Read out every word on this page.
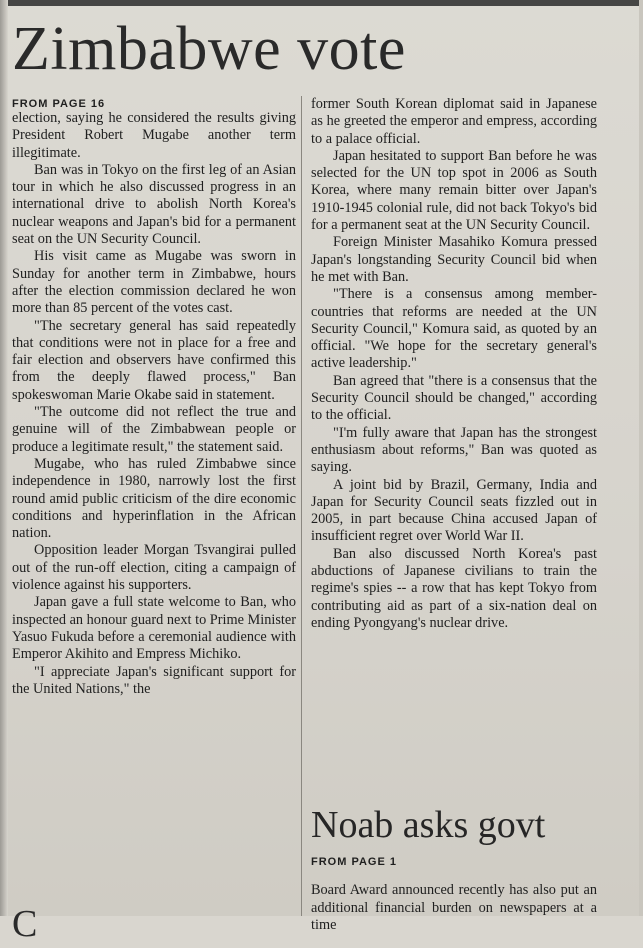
Zimbabwe vote
FROM PAGE 16

election, saying he considered the results giving President Robert Mugabe another term illegitimate.

Ban was in Tokyo on the first leg of an Asian tour in which he also discussed progress in an international drive to abolish North Korea's nuclear weapons and Japan's bid for a permanent seat on the UN Security Council.

His visit came as Mugabe was sworn in Sunday for another term in Zimbabwe, hours after the election commission declared he won more than 85 percent of the votes cast.

"The secretary general has said repeatedly that conditions were not in place for a free and fair election and observers have confirmed this from the deeply flawed process," Ban spokeswoman Marie Okabe said in statement.

"The outcome did not reflect the true and genuine will of the Zimbabwean people or produce a legitimate result," the statement said.

Mugabe, who has ruled Zimbabwe since independence in 1980, narrowly lost the first round amid public criticism of the dire economic conditions and hyperinflation in the African nation.

Opposition leader Morgan Tsvangirai pulled out of the run-off election, citing a campaign of violence against his supporters.

Japan gave a full state welcome to Ban, who inspected an honour guard next to Prime Minister Yasuo Fukuda before a ceremonial audience with Emperor Akihito and Empress Michiko.

"I appreciate Japan's significant support for the United Nations," the

former South Korean diplomat said in Japanese as he greeted the emperor and empress, according to a palace official.

Japan hesitated to support Ban before he was selected for the UN top spot in 2006 as South Korea, where many remain bitter over Japan's 1910-1945 colonial rule, did not back Tokyo's bid for a permanent seat at the UN Security Council.

Foreign Minister Masahiko Komura pressed Japan's longstanding Security Council bid when he met with Ban.

"There is a consensus among member-countries that reforms are needed at the UN Security Council," Komura said, as quoted by an official. "We hope for the secretary general's active leadership."

Ban agreed that "there is a consensus that the Security Council should be changed," according to the official.

"I'm fully aware that Japan has the strongest enthusiasm about reforms," Ban was quoted as saying.

A joint bid by Brazil, Germany, India and Japan for Security Council seats fizzled out in 2005, in part because China accused Japan of insufficient regret over World War II.

Ban also discussed North Korea's past abductions of Japanese civilians to train the regime's spies -- a row that has kept Tokyo from contributing aid as part of a six-nation deal on ending Pyongyang's nuclear drive.

Noab asks govt
FROM PAGE 1

Board Award announced recently has also put an additional financial burden on newspapers at a time

C
